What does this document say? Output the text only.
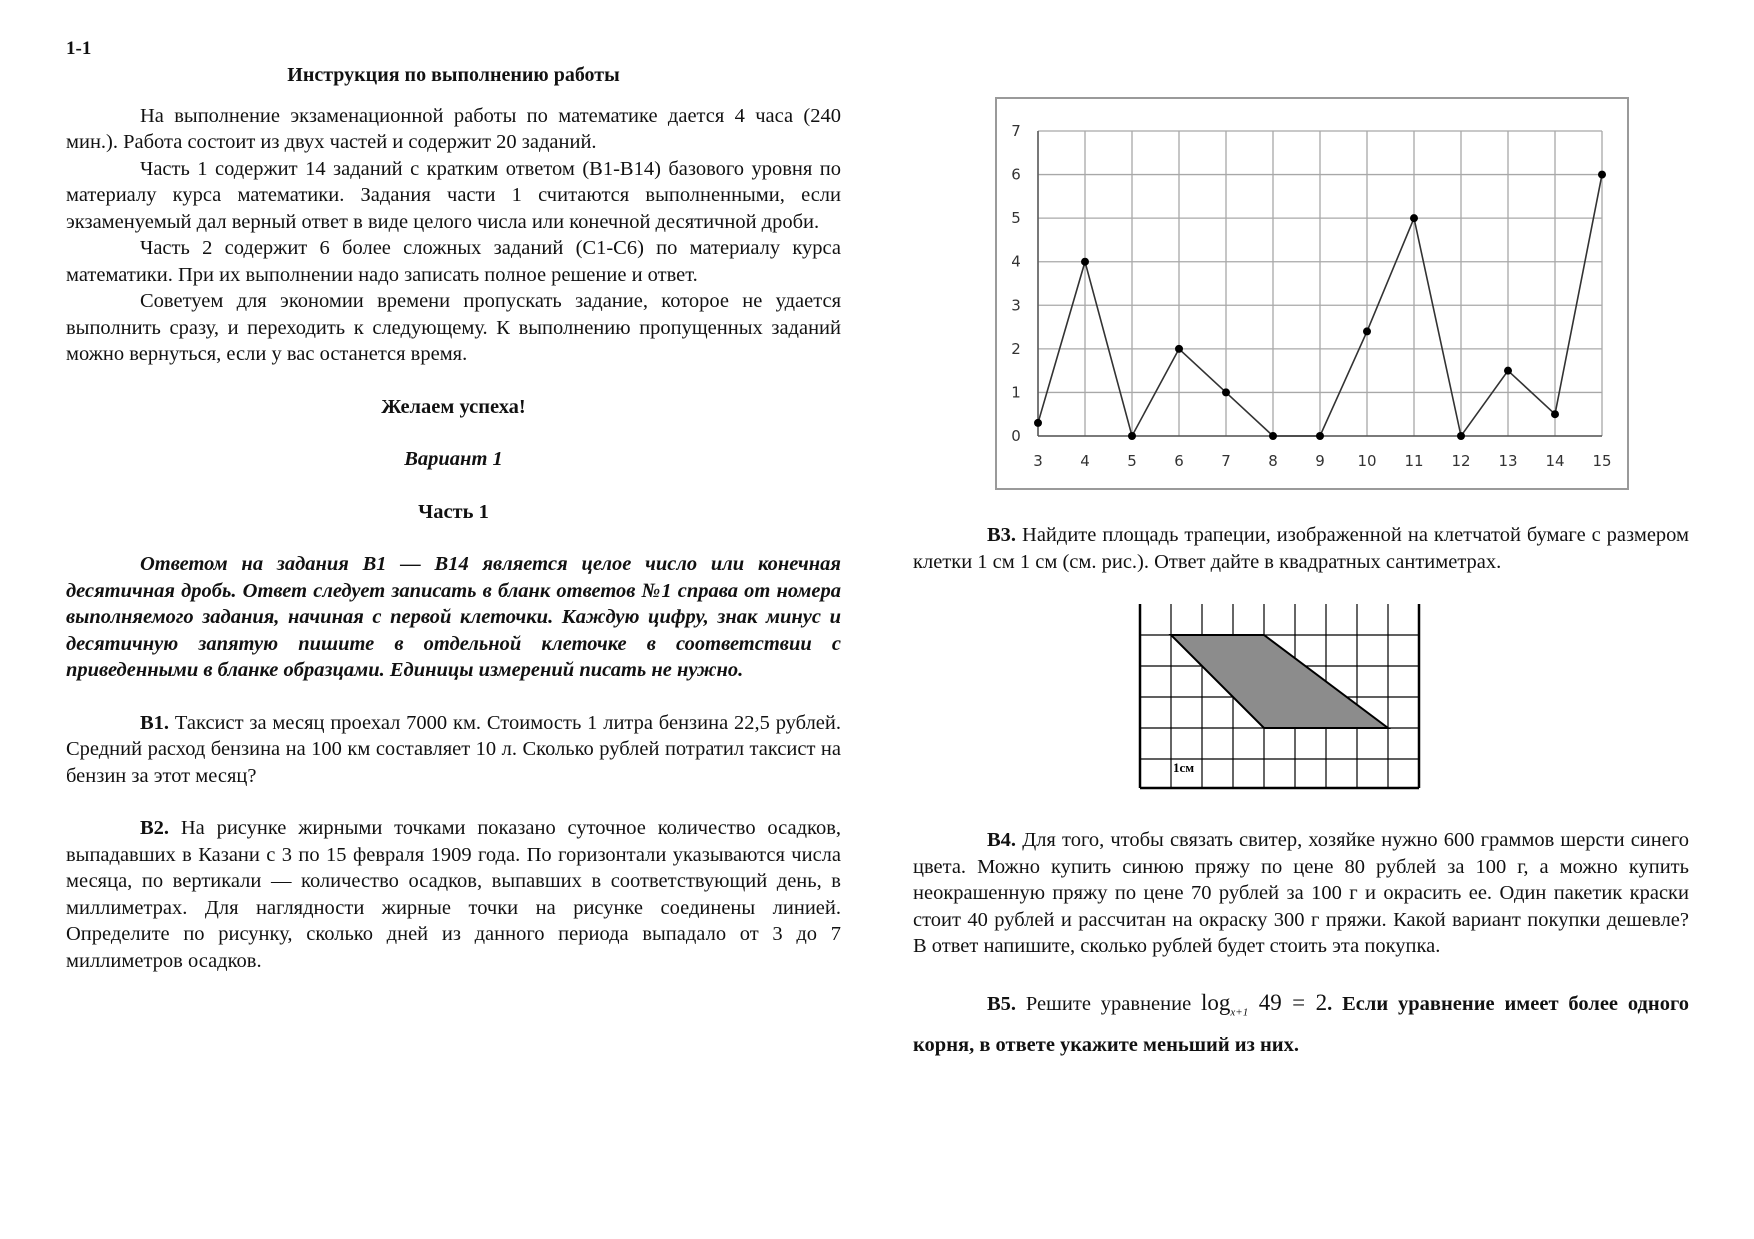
1-1
Инструкция по выполнению работы

На выполнение экзаменационной работы по математике дается 4 часа (240 мин.). Работа состоит из двух частей и содержит 20 заданий.

Часть 1 содержит 14 заданий с кратким ответом (В1-В14) базового уровня по материалу курса математики. Задания части 1 считаются выполненными, если экзаменуемый дал верный ответ в виде целого числа или конечной десятичной дроби.

Часть 2 содержит 6 более сложных заданий (С1-С6) по материалу курса математики. При их выполнении надо записать полное решение и ответ.

Советуем для экономии времени пропускать задание, которое не удается выполнить сразу, и переходить к следующему. К выполнению пропущенных заданий можно вернуться, если у вас останется время.

Желаем успеха!

Вариант 1

Часть 1

Ответом на задания В1 — В14 является целое число или конечная десятичная дробь. Ответ следует записать в бланк ответов №1 справа от номера выполняемого задания, начиная с первой клеточки. Каждую цифру, знак минус и десятичную запятую пишите в отдельной клеточке в соответствии с приведенными в бланке образцами. Единицы измерений писать не нужно.

В1. Таксист за месяц проехал 7000 км. Стоимость 1 литра бензина 22,5 рублей. Средний расход бензина на 100 км составляет 10 л. Сколько рублей потратил таксист на бензин за этот месяц?

В2. На рисунке жирными точками показано суточное количество осадков, выпадавших в Казани с 3 по 15 февраля 1909 года. По горизонтали указываются числа месяца, по вертикали — количество осадков, выпавших в соответствующий день, в миллиметрах. Для наглядности жирные точки на рисунке соединены линией. Определите по рисунку, сколько дней из данного периода выпадало от 3 до 7 миллиметров осадков.

0
1
2
3
4
5
6
7
3 4 5 6 7 8 9 10 11 12 13 14 15

В3. Найдите площадь трапеции, изображенной на клетчатой бумаге с размером клетки 1 см 1 см (см. рис.). Ответ дайте в квадратных сантиметрах.

1см

В4. Для того, чтобы связать свитер, хозяйке нужно 600 граммов шерсти синего цвета. Можно купить синюю пряжу по цене 80 рублей за 100 г, а можно купить неокрашенную пряжу по цене 70 рублей за 100 г и окрасить ее. Один пакетик краски стоит 40 рублей и рассчитан на окраску 300 г пряжи. Какой вариант покупки дешевле? В ответ напишите, сколько рублей будет стоить эта покупка.

В5. Решите уравнение $\log_{x+1} 49 = 2$. Если уравнение имеет более одного корня, в ответе укажите меньший из них.
